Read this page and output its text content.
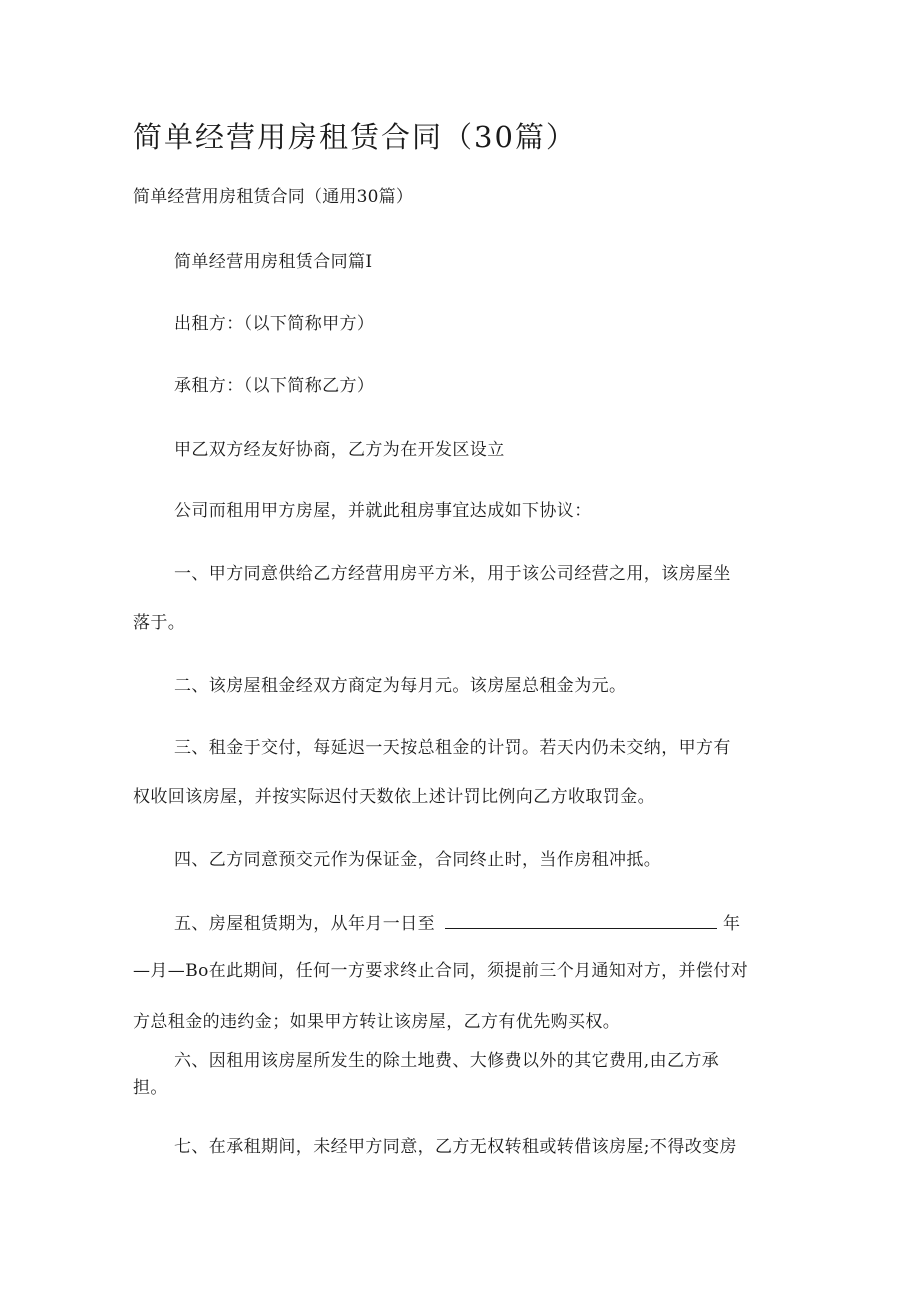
简单经营用房租赁合同（30篇）
简单经营用房租赁合同（通用30篇）
简单经营用房租赁合同篇I
出租方：（以下简称甲方）
承租方：（以下简称乙方）
甲乙双方经友好协商，乙方为在开发区设立
公司而租用甲方房屋，并就此租房事宜达成如下协议：
一、甲方同意供给乙方经营用房平方米，用于该公司经营之用，该房屋坐
落于。
二、该房屋租金经双方商定为每月元。该房屋总租金为元。
三、租金于交付，每延迟一天按总租金的计罚。若天内仍未交纳，甲方有
权收回该房屋，并按实际迟付天数依上述计罚比例向乙方收取罚金。
四、乙方同意预交元作为保证金，合同终止时，当作房租冲抵。
五、房屋租赁期为，从年月一日至	年
—月—Bo在此期间，任何一方要求终止合同，须提前三个月通知对方，并偿付对
方总租金的违约金；如果甲方转让该房屋，乙方有优先购买权。
六、因租用该房屋所发生的除土地费、大修费以外的其它费用,由乙方承
担。
七、在承租期间，未经甲方同意，乙方无权转租或转借该房屋;不得改变房
